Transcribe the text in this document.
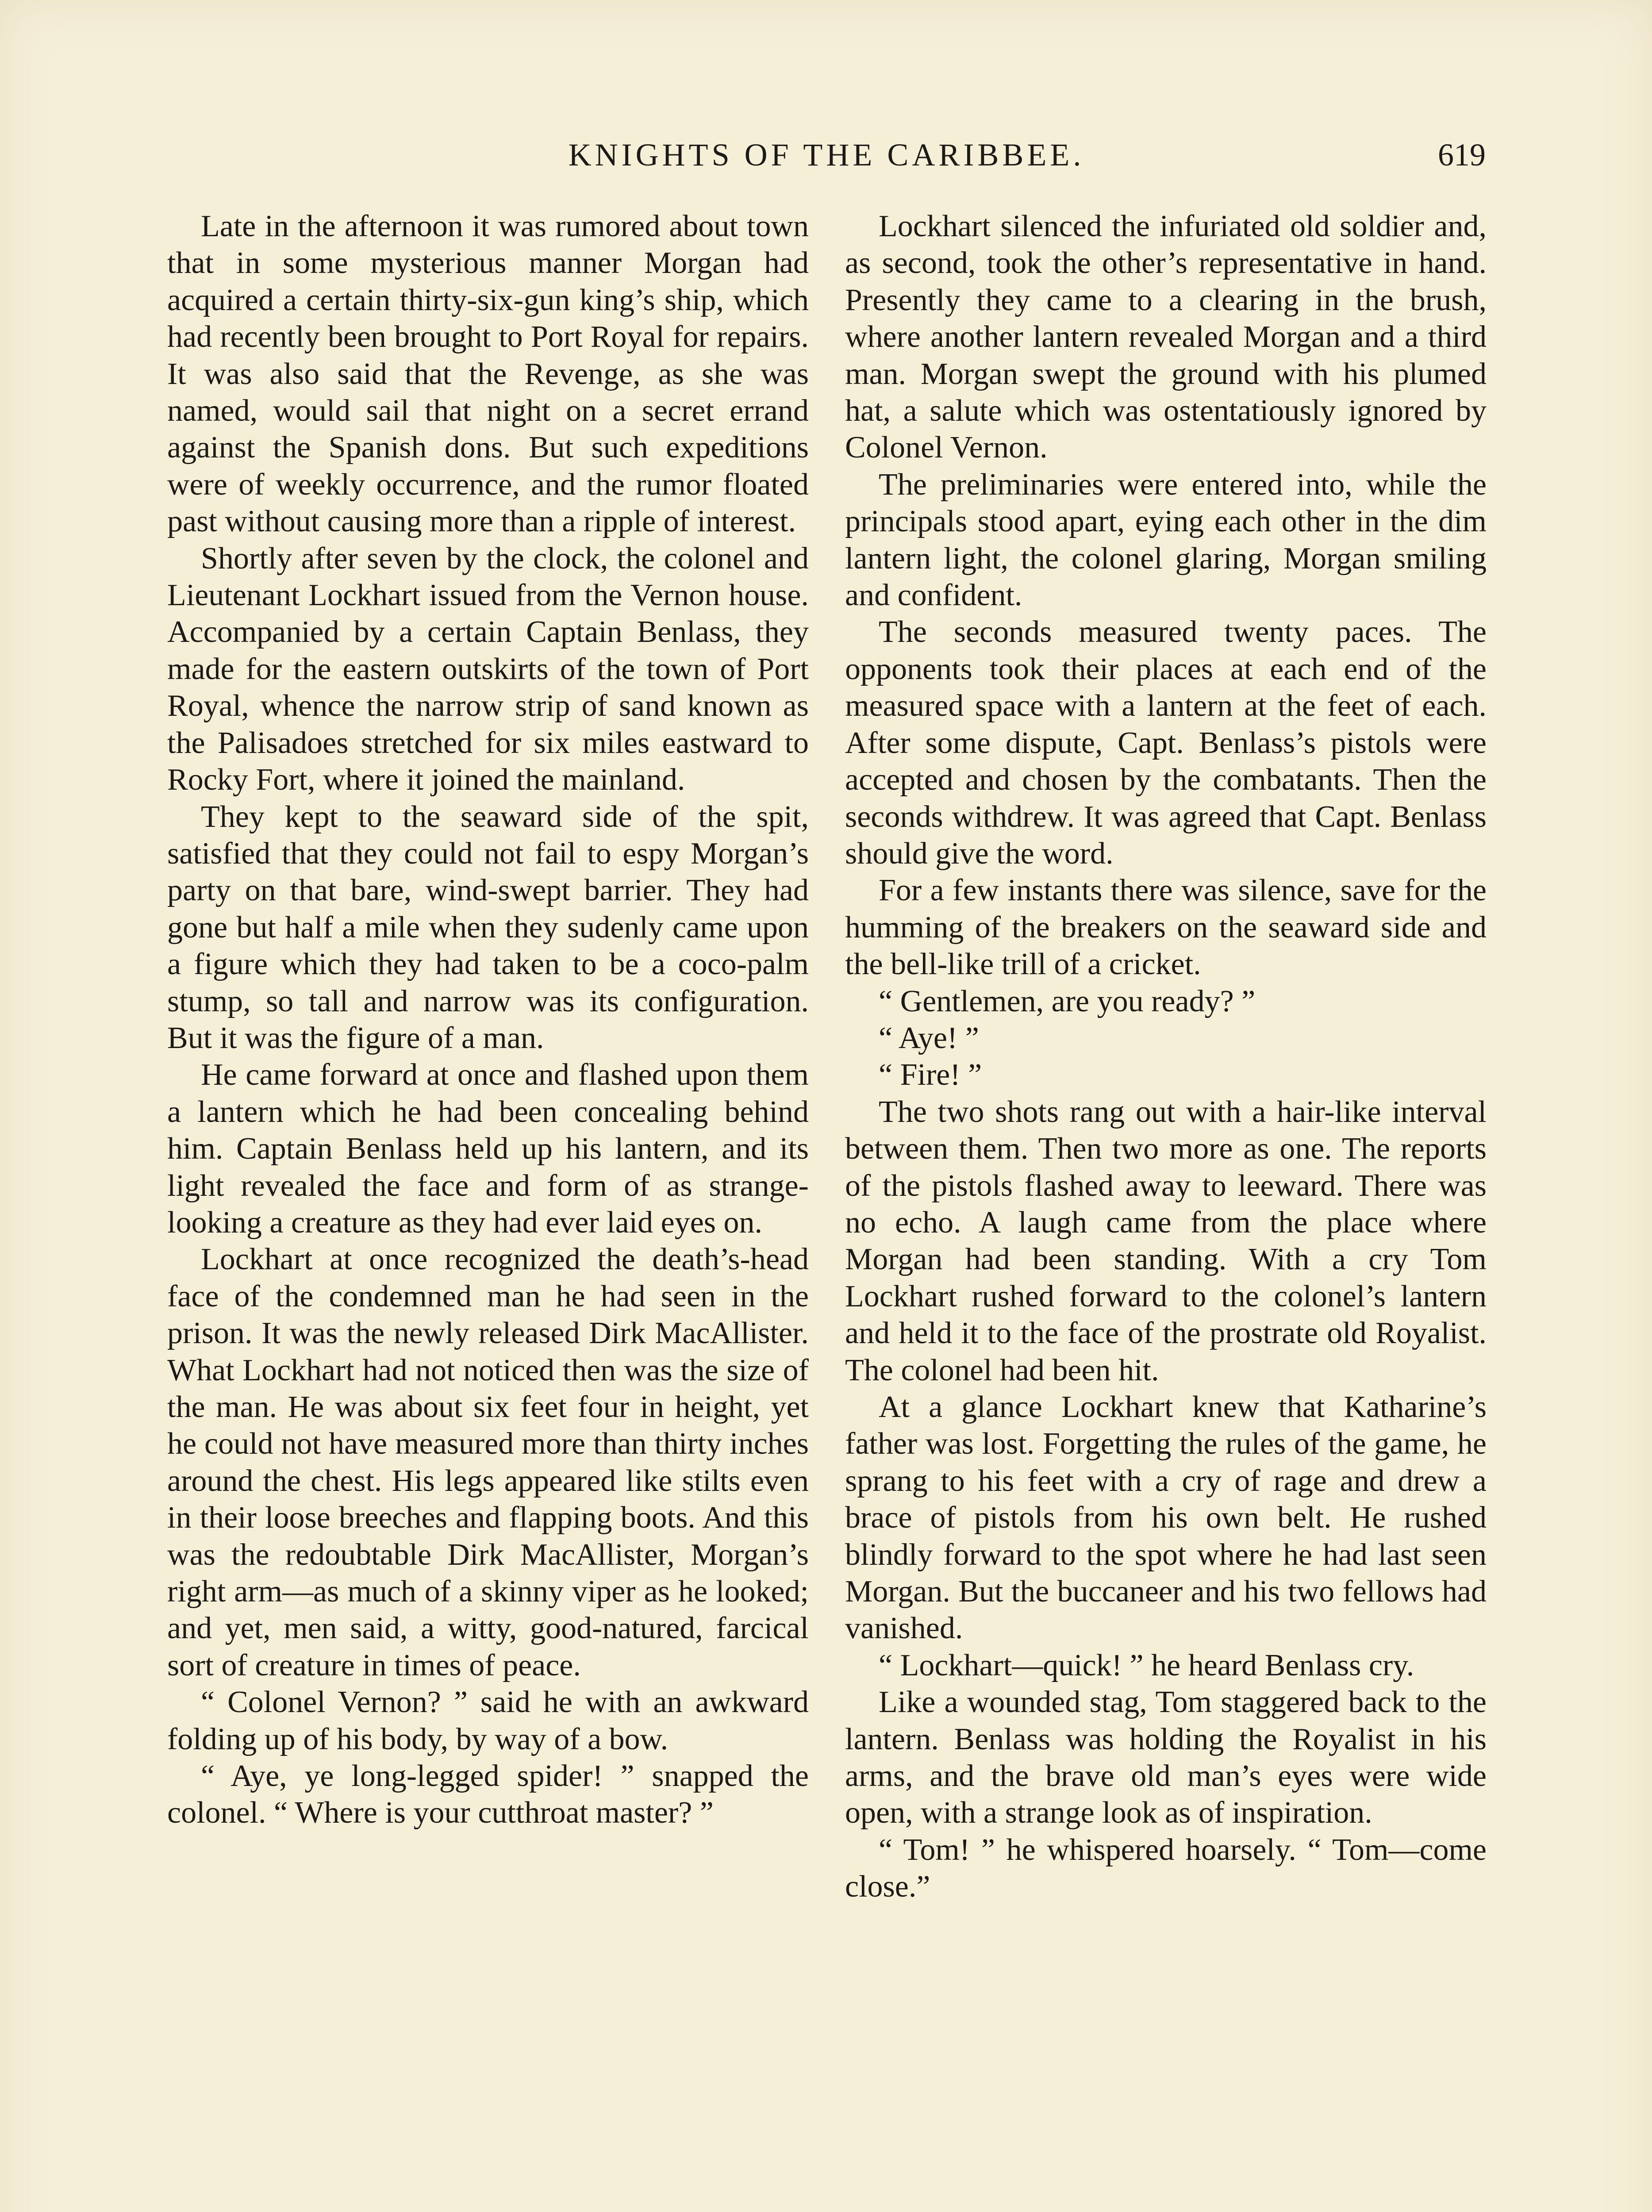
KNIGHTS OF THE CARIBBEE.	619

Late in the afternoon it was rumored about town that in some mysterious manner Morgan had acquired a certain thirty-six-gun king’s ship, which had recently been brought to Port Royal for repairs. It was also said that the Revenge, as she was named, would sail that night on a secret errand against the Spanish dons. But such expeditions were of weekly occurrence, and the rumor floated past without causing more than a ripple of interest.

Shortly after seven by the clock, the colonel and Lieutenant Lockhart issued from the Vernon house. Accompanied by a certain Captain Benlass, they made for the eastern outskirts of the town of Port Royal, whence the narrow strip of sand known as the Palisadoes stretched for six miles eastward to Rocky Fort, where it joined the mainland.

They kept to the seaward side of the spit, satisfied that they could not fail to espy Morgan’s party on that bare, wind-swept barrier. They had gone but half a mile when they sudenly came upon a figure which they had taken to be a coco-palm stump, so tall and narrow was its configuration. But it was the figure of a man.

He came forward at once and flashed upon them a lantern which he had been concealing behind him. Captain Benlass held up his lantern, and its light revealed the face and form of as strange-looking a creature as they had ever laid eyes on.

Lockhart at once recognized the death’s-head face of the condemned man he had seen in the prison. It was the newly released Dirk MacAllister. What Lockhart had not noticed then was the size of the man. He was about six feet four in height, yet he could not have measured more than thirty inches around the chest. His legs appeared like stilts even in their loose breeches and flapping boots. And this was the redoubtable Dirk MacAllister, Morgan’s right arm—as much of a skinny viper as he looked; and yet, men said, a witty, good-natured, farcical sort of creature in times of peace.

“ Colonel Vernon? ” said he with an awkward folding up of his body, by way of a bow.

“ Aye, ye long-legged spider! ” snapped the colonel. “ Where is your cutthroat master? ”

Lockhart silenced the infuriated old soldier and, as second, took the other’s representative in hand. Presently they came to a clearing in the brush, where another lantern revealed Morgan and a third man. Morgan swept the ground with his plumed hat, a salute which was ostentatiously ignored by Colonel Vernon.

The preliminaries were entered into, while the principals stood apart, eying each other in the dim lantern light, the colonel glaring, Morgan smiling and confident.

The seconds measured twenty paces. The opponents took their places at each end of the measured space with a lantern at the feet of each. After some dispute, Capt. Benlass’s pistols were accepted and chosen by the combatants. Then the seconds withdrew. It was agreed that Capt. Benlass should give the word.

For a few instants there was silence, save for the humming of the breakers on the seaward side and the bell-like trill of a cricket.

“ Gentlemen, are you ready? ”

“ Aye! ”

“ Fire! ”

The two shots rang out with a hair-like interval between them. Then two more as one. The reports of the pistols flashed away to leeward. There was no echo. A laugh came from the place where Morgan had been standing. With a cry Tom Lockhart rushed forward to the colonel’s lantern and held it to the face of the prostrate old Royalist. The colonel had been hit.

At a glance Lockhart knew that Katharine’s father was lost. Forgetting the rules of the game, he sprang to his feet with a cry of rage and drew a brace of pistols from his own belt. He rushed blindly forward to the spot where he had last seen Morgan. But the buccaneer and his two fellows had vanished.

“ Lockhart—quick! ” he heard Benlass cry.

Like a wounded stag, Tom staggered back to the lantern. Benlass was holding the Royalist in his arms, and the brave old man’s eyes were wide open, with a strange look as of inspiration.

“ Tom! ” he whispered hoarsely. “ Tom—come close.”
